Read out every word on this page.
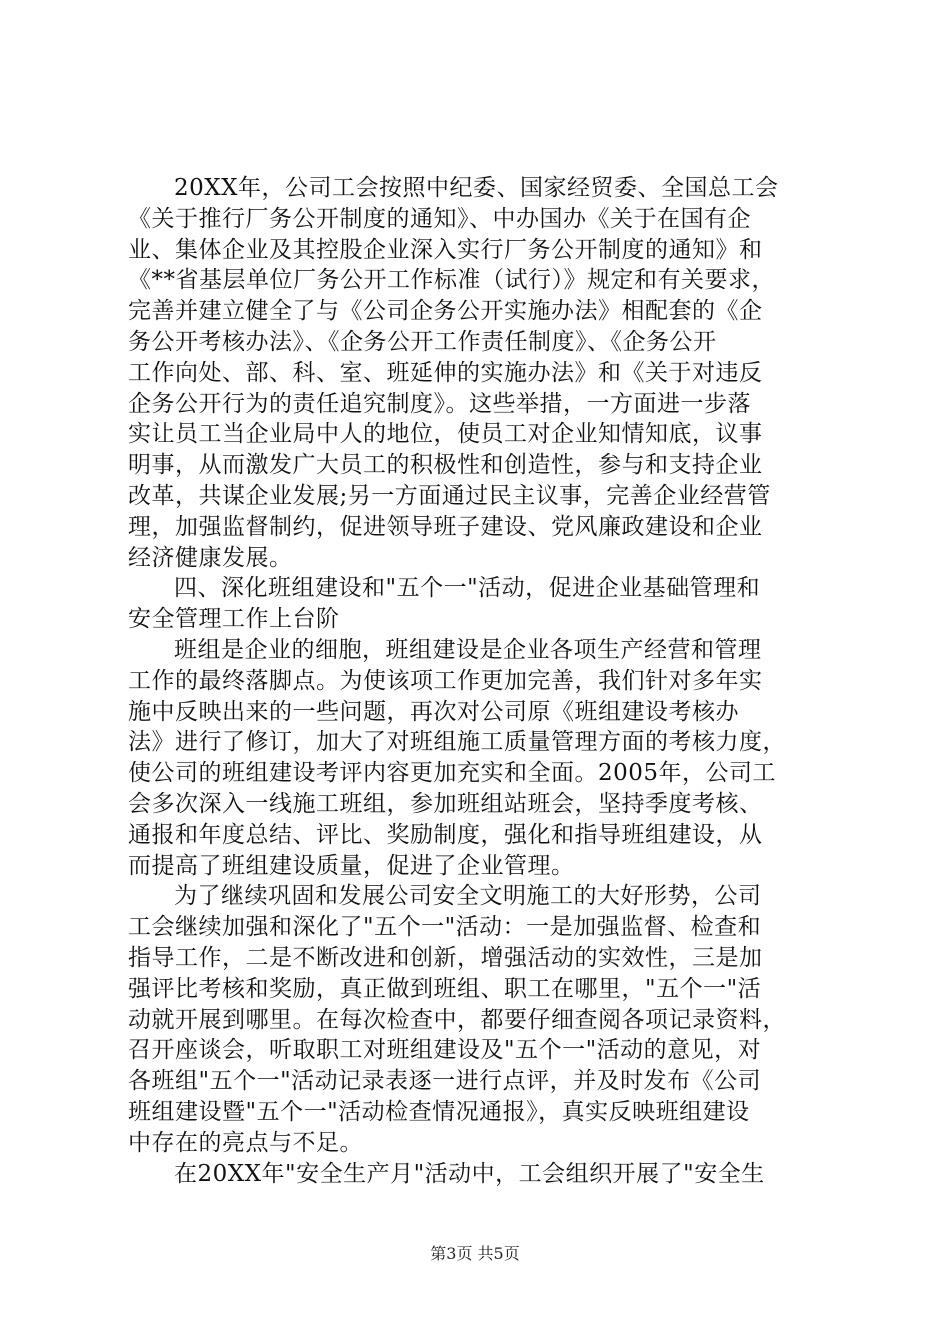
20XX年，公司工会按照中纪委、国家经贸委、全国总工会
《关于推行厂务公开制度的通知》、中办国办《关于在国有企
业、集体企业及其控股企业深入实行厂务公开制度的通知》和
《**省基层单位厂务公开工作标准（试行）》规定和有关要求，
完善并建立健全了与《公司企务公开实施办法》相配套的《企
务公开考核办法》、《企务公开工作责任制度》、《企务公开
工作向处、部、科、室、班延伸的实施办法》和《关于对违反
企务公开行为的责任追究制度》。这些举措，一方面进一步落
实让员工当企业局中人的地位，使员工对企业知情知底，议事
明事，从而激发广大员工的积极性和创造性，参与和支持企业
改革，共谋企业发展;另一方面通过民主议事，完善企业经营管
理，加强监督制约，促进领导班子建设、党风廉政建设和企业
经济健康发展。
四、深化班组建设和"五个一"活动，促进企业基础管理和
安全管理工作上台阶
班组是企业的细胞，班组建设是企业各项生产经营和管理
工作的最终落脚点。为使该项工作更加完善，我们针对多年实
施中反映出来的一些问题，再次对公司原《班组建设考核办
法》进行了修订，加大了对班组施工质量管理方面的考核力度，
使公司的班组建设考评内容更加充实和全面。2005年，公司工
会多次深入一线施工班组，参加班组站班会，坚持季度考核、
通报和年度总结、评比、奖励制度，强化和指导班组建设，从
而提高了班组建设质量，促进了企业管理。
为了继续巩固和发展公司安全文明施工的大好形势，公司
工会继续加强和深化了"五个一"活动：一是加强监督、检查和
指导工作，二是不断改进和创新，增强活动的实效性，三是加
强评比考核和奖励，真正做到班组、职工在哪里，"五个一"活
动就开展到哪里。在每次检查中，都要仔细查阅各项记录资料，
召开座谈会，听取职工对班组建设及"五个一"活动的意见，对
各班组"五个一"活动记录表逐一进行点评，并及时发布《公司
班组建设暨"五个一"活动检查情况通报》，真实反映班组建设
中存在的亮点与不足。
在20XX年"安全生产月"活动中，工会组织开展了"安全生
第3页 共5页
